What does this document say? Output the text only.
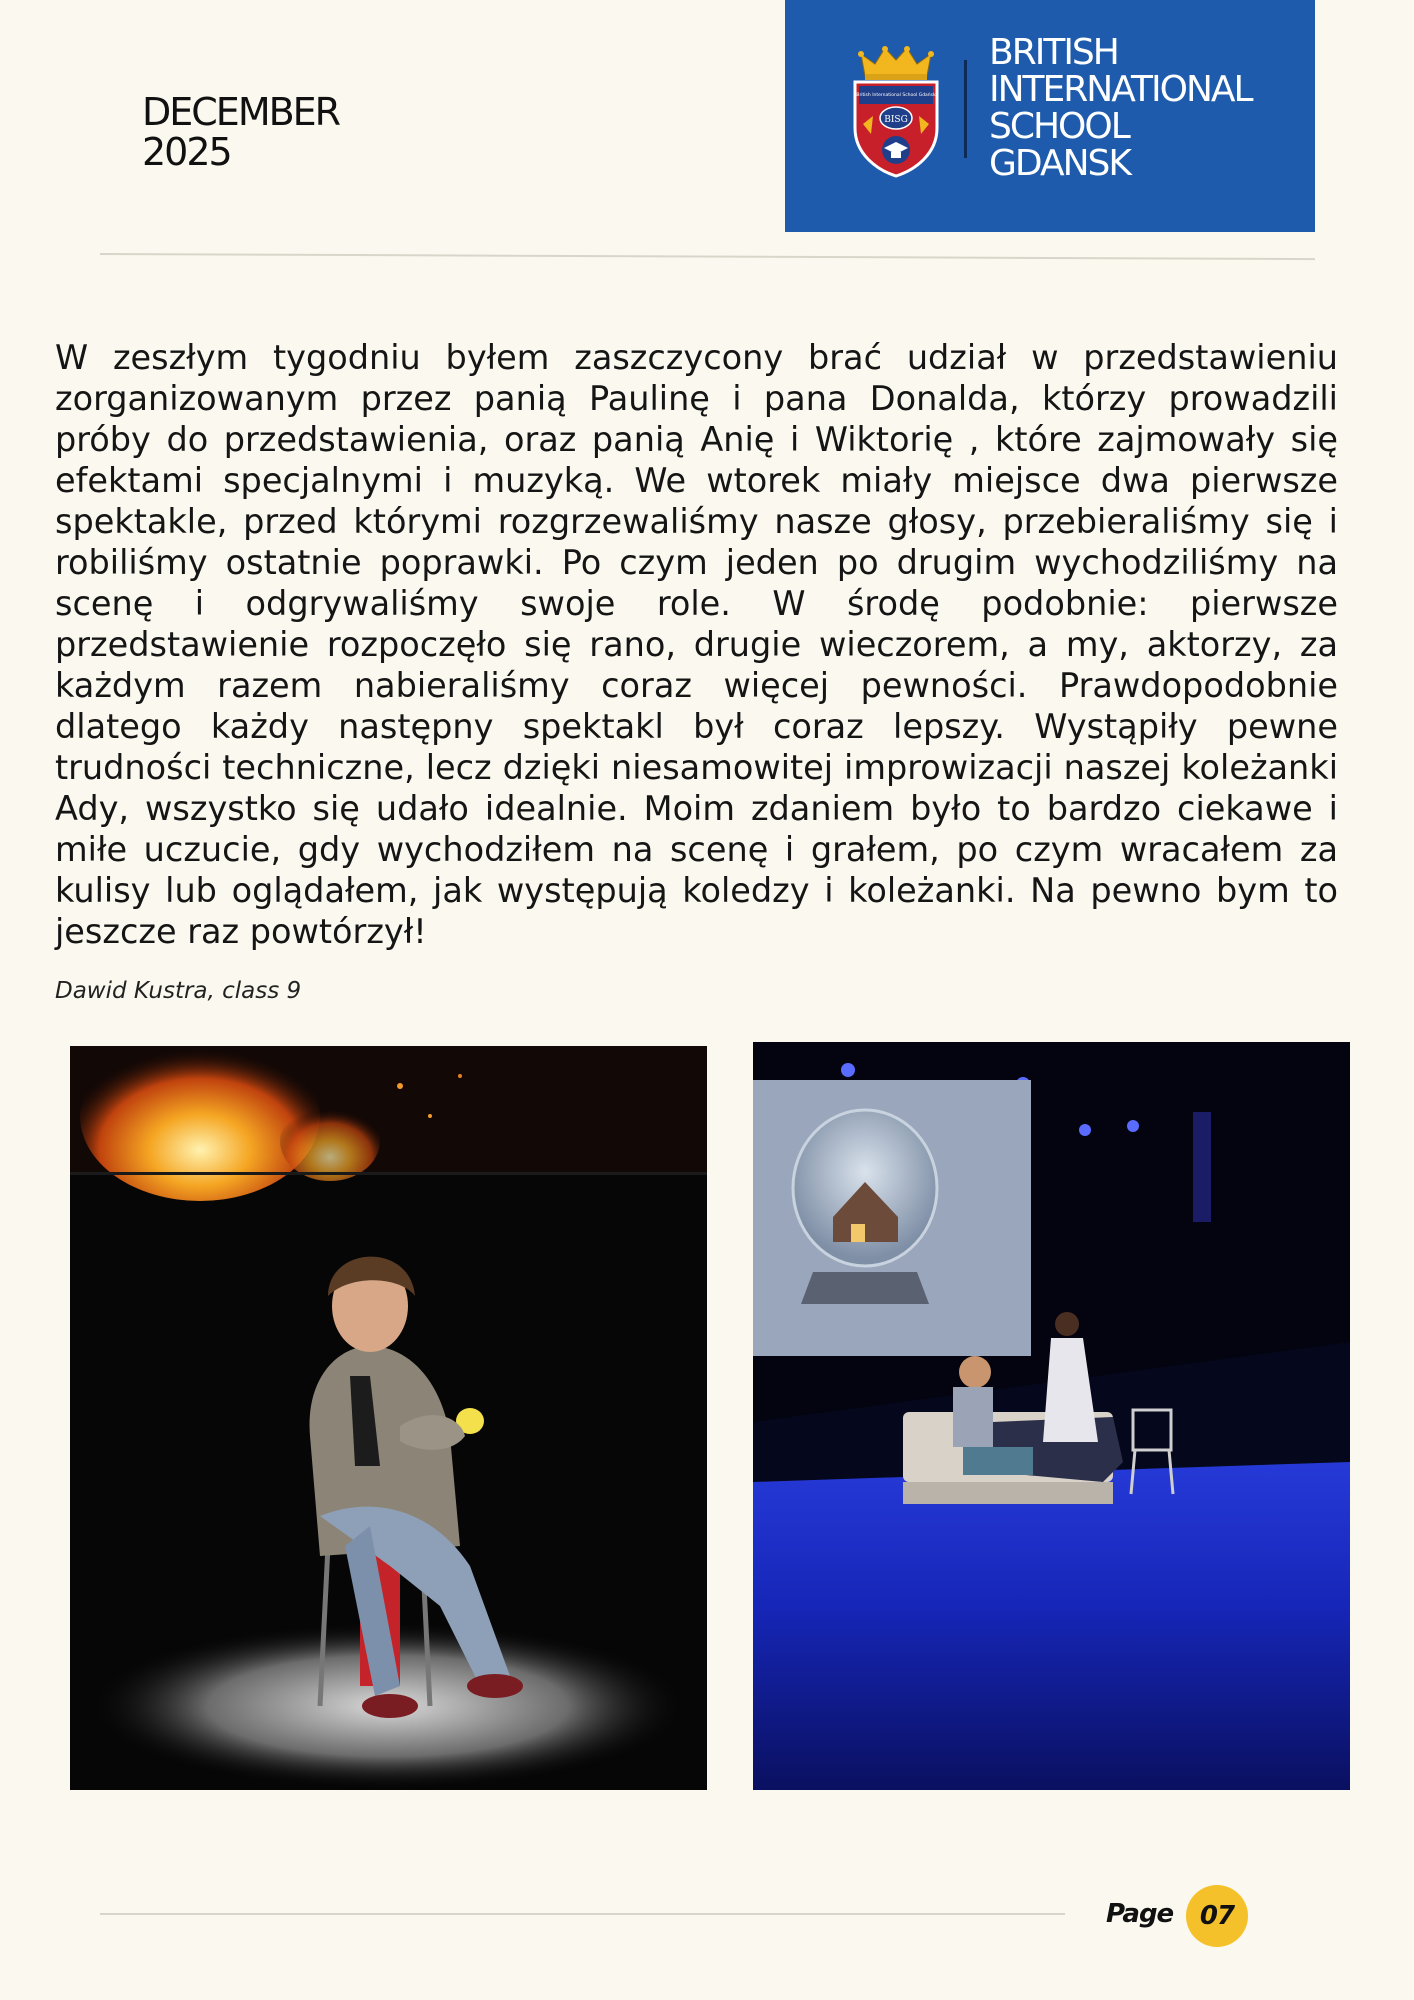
DECEMBER
2025
British International School Gdańsk
BISG
BRITISH
INTERNATIONAL
SCHOOL
GDANSK
W zeszłym tygodniu byłem zaszczycony brać udział w przedstawieniu zorganizowanym przez panią Paulinę i pana Donalda, którzy prowadzili próby do przedstawienia, oraz panią Anię i Wiktorię , które zajmowały się efektami specjalnymi i muzyką. We wtorek miały miejsce dwa pierwsze spektakle, przed którymi rozgrzewaliśmy nasze głosy, przebieraliśmy się i robiliśmy ostatnie poprawki. Po czym jeden po drugim wychodziliśmy na scenę i odgrywaliśmy swoje role. W środę podobnie: pierwsze przedstawienie rozpoczęło się rano, drugie wieczorem, a my, aktorzy, za każdym razem nabieraliśmy coraz więcej pewności. Prawdopodobnie dlatego każdy następny spektakl był coraz lepszy. Wystąpiły pewne trudności techniczne, lecz dzięki niesamowitej improwizacji naszej koleżanki Ady, wszystko się udało idealnie. Moim zdaniem było to bardzo ciekawe i miłe uczucie, gdy wychodziłem na scenę i grałem, po czym wracałem za kulisy lub oglądałem, jak występują koledzy i koleżanki. Na pewno bym to jeszcze raz powtórzył!
Dawid Kustra, class 9
Page	07
